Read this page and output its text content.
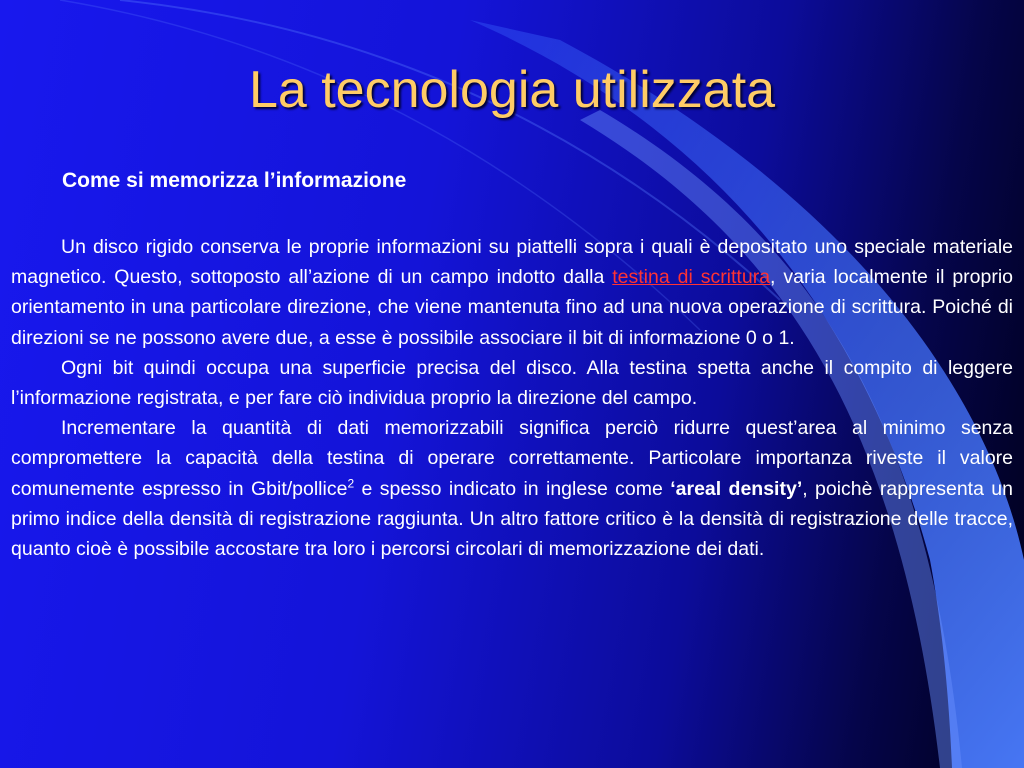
La tecnologia utilizzata
Come si memorizza l’informazione

Un disco rigido conserva le proprie informazioni su piattelli sopra i quali è depositato uno speciale materiale magnetico. Questo, sottoposto all’azione di un campo indotto dalla testina di scrittura, varia localmente il proprio orientamento in una particolare direzione, che viene mantenuta fino ad una nuova operazione di scrittura. Poiché di direzioni se ne possono avere due, a esse è possibile associare il bit di informazione 0 o 1.

Ogni bit quindi occupa una superficie precisa del disco. Alla testina spetta anche il compito di leggere l’informazione registrata, e per fare ciò individua proprio la direzione del campo.

Incrementare la quantità di dati memorizzabili significa perciò ridurre quest’area al minimo senza compromettere la capacità della testina di operare correttamente. Particolare importanza riveste il valore comunemente espresso in Gbit/pollice$^2$ e spesso indicato in inglese come ‘areal density’, poichè rappresenta un primo indice della densità di registrazione raggiunta. Un altro fattore critico è la densità di registrazione delle tracce, quanto cioè è possibile accostare tra loro i percorsi circolari di memorizzazione dei dati.
